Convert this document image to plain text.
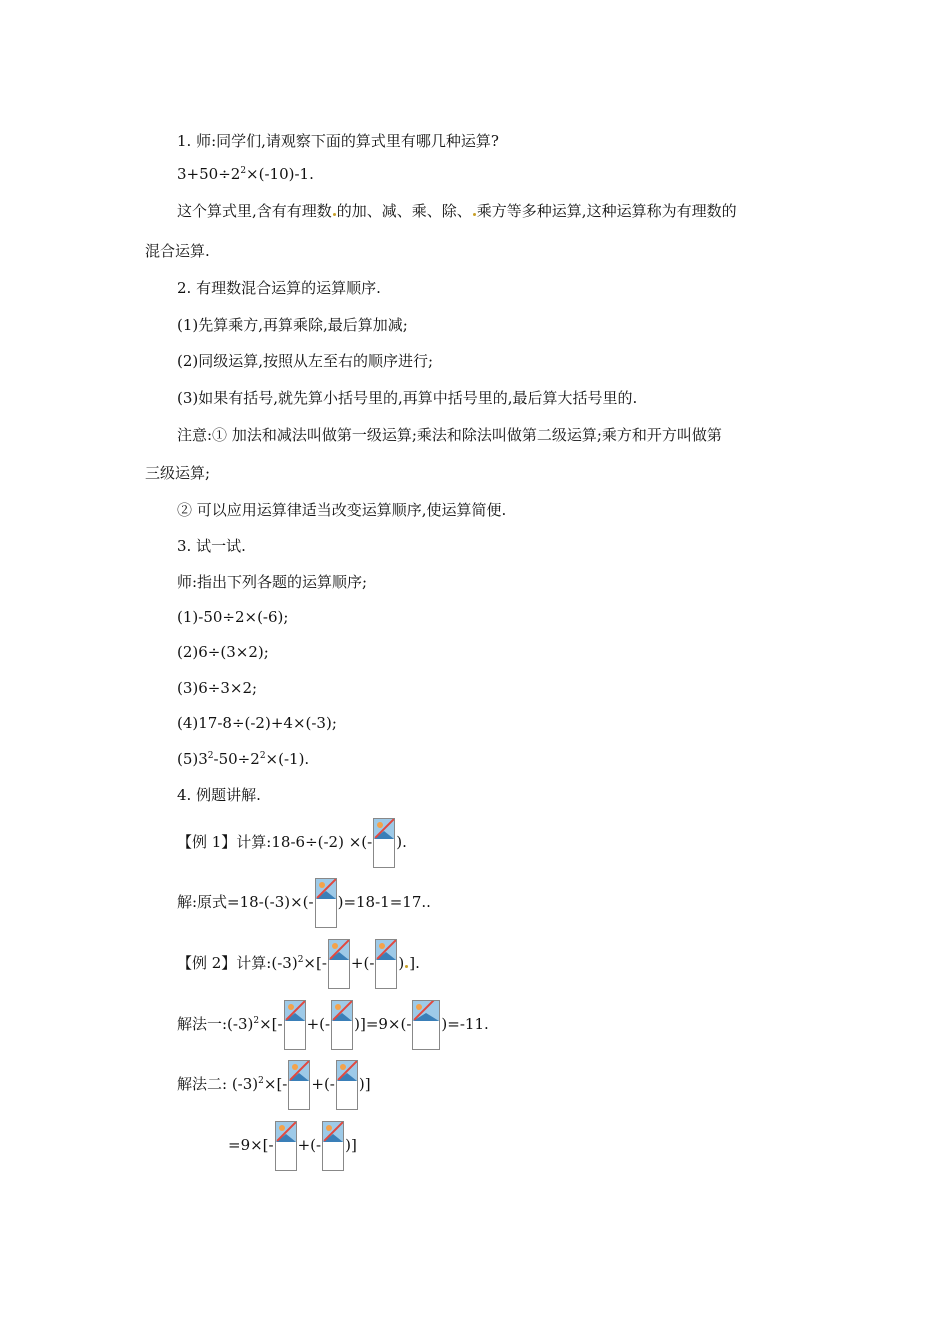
1. 师:同学们,请观察下面的算式里有哪几种运算?
$3+50\div 2^2\times(-10)-1$.
这个算式里,含有有理数 的加、减、乘、除、 乘方等多种运算,这种运算称为有理数的
混合运算.
2. 有理数混合运算的运算顺序.
(1)先算乘方,再算乘除,最后算加减;
(2)同级运算,按照从左至右的顺序进行;
(3)如果有括号,就先算小括号里的,再算中括号里的,最后算大括号里的.
注意:① 加法和减法叫做第一级运算;乘法和除法叫做第二级运算;乘方和开方叫做第
三级运算;
② 可以应用运算律适当改变运算顺序,使运算简便.
3. 试一试.
师:指出下列各题的运算顺序;
(1)-50÷2×(-6);
(2)6÷(3×2);
(3)6÷3×2;
(4)17-8÷(-2)+4×(-3);
$(5)3^2-50\div 2^2\times(-1)$.
4. 例题讲解.
【例 1】计算:18-6÷(-2) ×(- ).
解:原式=18-(-3)×(- )=18-1=17..
【例 2】计算$:(-3)^2\times[-$ +(- ) ].
解法一$:(-3)^2\times[-$ +(- )]=9×(- )=-11.
解法二: $(-3)^2\times[-$ +(- )]
=9×[- +(- )]
